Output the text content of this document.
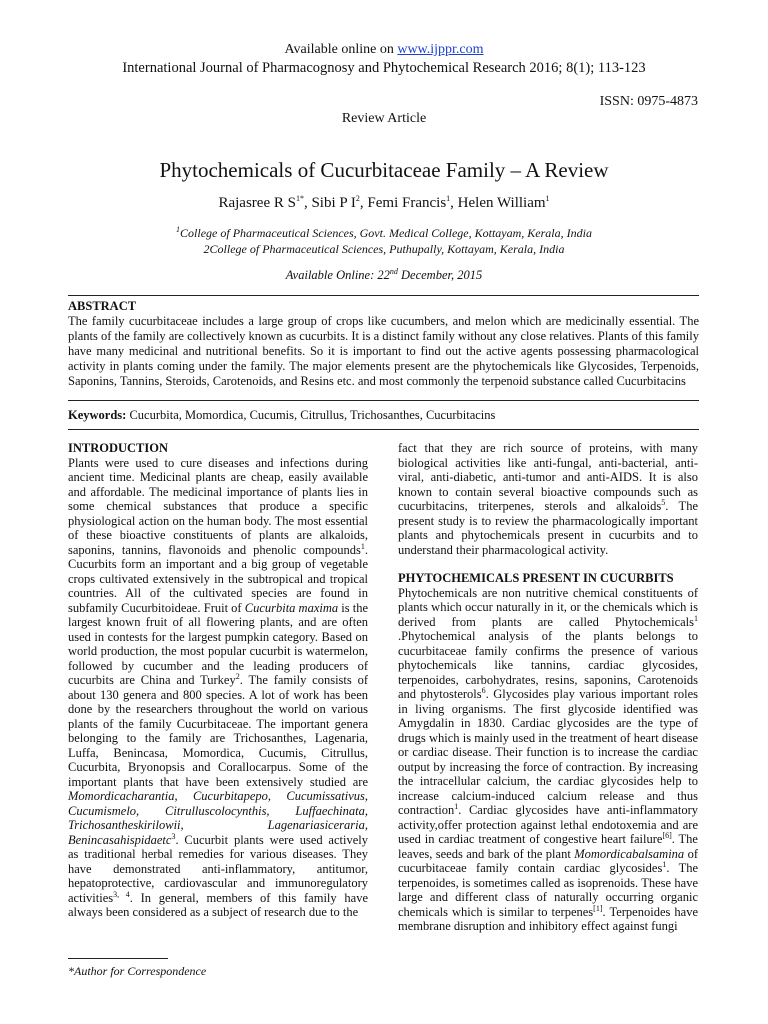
Available online on www.ijppr.com
International Journal of Pharmacognosy and Phytochemical Research 2016; 8(1); 113-123
ISSN: 0975-4873
Review Article
Phytochemicals of Cucurbitaceae Family – A Review
Rajasree R $S^{1*}$, Sibi P $I^2$, Femi Francis$^1$, Helen William$^1$
$^1$College of Pharmaceutical Sciences, Govt. Medical College, Kottayam, Kerala, India
2College of Pharmaceutical Sciences, Puthupally, Kottayam, Kerala, India
Available Online: 22nd December, 2015
ABSTRACT
The family cucurbitaceae includes a large group of crops like cucumbers, and melon which are medicinally essential. The plants of the family are collectively known as cucurbits. It is a distinct family without any close relatives. Plants of this family have many medicinal and nutritional benefits. So it is important to find out the active agents possessing pharmacological activity in plants coming under the family. The major elements present are the phytochemicals like Glycosides, Terpenoids, Saponins, Tannins, Steroids, Carotenoids, and Resins etc. and most commonly the terpenoid substance called Cucurbitacins
Keywords: Cucurbita, Momordica, Cucumis, Citrullus, Trichosanthes, Cucurbitacins
INTRODUCTION

Plants were used to cure diseases and infections during ancient time. Medicinal plants are cheap, easily available and affordable. The medicinal importance of plants lies in some chemical substances that produce a specific physiological action on the human body. The most essential of these bioactive constituents of plants are alkaloids, saponins, tannins, flavonoids and phenolic compounds$^1$. Cucurbits form an important and a big group of vegetable crops cultivated extensively in the subtropical and tropical countries. All of the cultivated species are found in subfamily Cucurbitoideae. Fruit of Cucurbita maxima is the largest known fruit of all flowering plants, and are often used in contests for the largest pumpkin category. Based on world production, the most popular cucurbit is watermelon, followed by cucumber and the leading producers of cucurbits are China and Turkey$^2$. The family consists of about 130 genera and 800 species. A lot of work has been done by the researchers throughout the world on various plants of the family Cucurbitaceae. The important genera belonging to the family are Trichosanthes, Lagenaria, Luffa, Benincasa, Momordica, Cucumis, Citrullus, Cucurbita, Bryonopsis and Corallocarpus. Some of the important plants that have been extensively studied are Momordicacharantia, Cucurbitapepo, Cucumissativus, Cucumismelo, Citrulluscolocynthis, Luffaechinata, Trichosantheskirilowii, Lagenariasiceraria, Benincasahispidaetc$^3$. Cucurbit plants were used actively as traditional herbal remedies for various diseases. They have demonstrated anti-inflammatory, antitumor, hepatoprotective, cardiovascular and immunoregulatory activities$^{3, 4}$. In general, members of this family have always been considered as a subject of research due to the

fact that they are rich source of proteins, with many biological activities like anti-fungal, anti-bacterial, anti-viral, anti-diabetic, anti-tumor and anti-AIDS. It is also known to contain several bioactive compounds such as cucurbitacins, triterpenes, sterols and alkaloids$^5$. The present study is to review the pharmacologically important plants and phytochemicals present in cucurbits and to understand their pharmacological activity.

PHYTOCHEMICALS PRESENT IN CUCURBITS

Phytochemicals are non nutritive chemical constituents of plants which occur naturally in it, or the chemicals which is derived from plants are called Phytochemicals$^1$ .Phytochemical analysis of the plants belongs to cucurbitaceae family confirms the presence of various phytochemicals like tannins, cardiac glycosides, terpenoides, carbohydrates, resins, saponins, Carotenoids and phytosterols$^6$. Glycosides play various important roles in living organisms. The first glycoside identified was Amygdalin in 1830. Cardiac glycosides are the type of drugs which is mainly used in the treatment of heart disease or cardiac disease. Their function is to increase the cardiac output by increasing the force of contraction. By increasing the intracellular calcium, the cardiac glycosides help to increase calcium-induced calcium release and thus contraction$^1$. Cardiac glycosides have anti-inflammatory activity,offer protection against lethal endotoxemia and are used in cardiac treatment of congestive heart failure[6]. The leaves, seeds and bark of the plant Momordicabalsamina of cucurbitaceae family contain cardiac glycosides$^1$. The terpenoides, is sometimes called as isoprenoids. These have large and different class of naturally occurring organic chemicals which is similar to terpenes[1]. Terpenoides have membrane disruption and inhibitory effect against fungi

*Author for Correspondence
